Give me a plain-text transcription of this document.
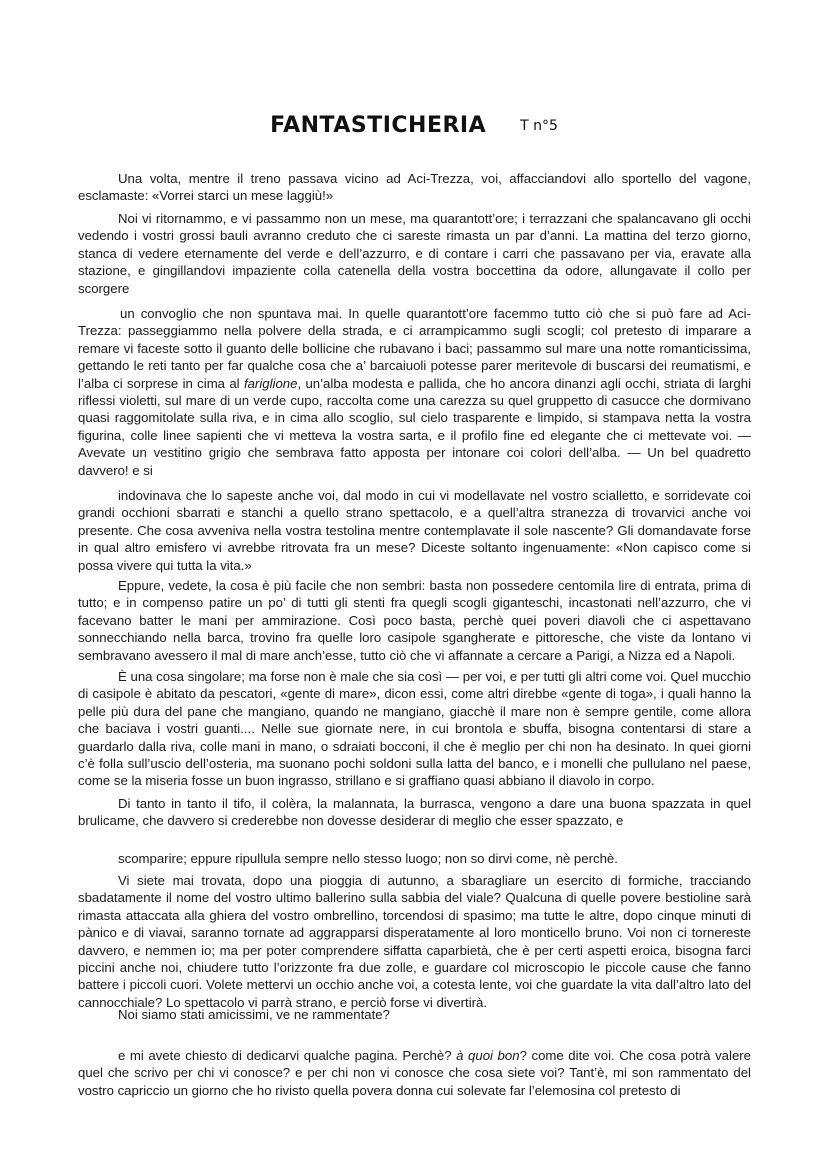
FANTASTICHERIA T n°5

Una volta, mentre il treno passava vicino ad Aci-Trezza, voi, affacciandovi allo sportello del vagone, esclamaste: «Vorrei starci un mese laggiù!»

Noi vi ritornammo, e vi passammo non un mese, ma quarantott’ore; i terrazzani che spalancavano gli occhi vedendo i vostri grossi bauli avranno creduto che ci sareste rimasta un par d’anni. La mattina del terzo giorno, stanca di vedere eternamente del verde e dell’azzurro, e di contare i carri che passavano per via, eravate alla stazione, e gingillandovi impaziente colla catenella della vostra boccettina da odore, allungavate il collo per scorgere

un convoglio che non spuntava mai. In quelle quarantott’ore facemmo tutto ciò che si può fare ad Aci-Trezza: passeggiammo nella polvere della strada, e ci arrampicammo sugli scogli; col pretesto di imparare a remare vi faceste sotto il guanto delle bollicine che rubavano i baci; passammo sul mare una notte romanticissima, gettando le reti tanto per far qualche cosa che a’ barcaiuoli potesse parer meritevole di buscarsi dei reumatismi, e l’alba ci sorprese in cima al fariglione, un’alba modesta e pallida, che ho ancora dinanzi agli occhi, striata di larghi riflessi violetti, sul mare di un verde cupo, raccolta come una carezza su quel gruppetto di casucce che dormivano quasi raggomitolate sulla riva, e in cima allo scoglio, sul cielo trasparente e limpido, si stampava netta la vostra figurina, colle linee sapienti che vi metteva la vostra sarta, e il profilo fine ed elegante che ci mettevate voi. — Avevate un vestitino grigio che sembrava fatto apposta per intonare coi colori dell’alba. — Un bel quadretto davvero! e si

indovinava che lo sapeste anche voi, dal modo in cui vi modellavate nel vostro scialletto, e sorridevate coi grandi occhioni sbarrati e stanchi a quello strano spettacolo, e a quell’altra stranezza di trovarvici anche voi presente. Che cosa avveniva nella vostra testolina mentre contemplavate il sole nascente? Gli domandavate forse in qual altro emisfero vi avrebbe ritrovata fra un mese? Diceste soltanto ingenuamente: «Non capisco come si possa vivere qui tutta la vita.»

Eppure, vedete, la cosa è più facile che non sembri: basta non possedere centomila lire di entrata, prima di tutto; e in compenso patire un po’ di tutti gli stenti fra quegli scogli giganteschi, incastonati nell’azzurro, che vi facevano batter le mani per ammirazione. Così poco basta, perchè quei poveri diavoli che ci aspettavano sonnecchiando nella barca, trovino fra quelle loro casipole sgangherate e pittoresche, che viste da lontano vi sembravano avessero il mal di mare anch’esse, tutto ciò che vi affannate a cercare a Parigi, a Nizza ed a Napoli.

È una cosa singolare; ma forse non è male che sia così — per voi, e per tutti gli altri come voi. Quel mucchio di casipole è abitato da pescatori, «gente di mare», dicon essi, come altri direbbe «gente di toga», i quali hanno la pelle più dura del pane che mangiano, quando ne mangiano, giacchè il mare non è sempre gentile, come allora che baciava i vostri guanti.... Nelle sue giornate nere, in cui brontola e sbuffa, bisogna contentarsi di stare a guardarlo dalla riva, colle mani in mano, o sdraiati bocconi, il che è meglio per chi non ha desinato. In quei giorni c’è folla sull’uscio dell’osteria, ma suonano pochi soldoni sulla latta del banco, e i monelli che pullulano nel paese, come se la miseria fosse un buon ingrasso, strillano e si graffiano quasi abbiano il diavolo in corpo.

Di tanto in tanto il tifo, il colèra, la malannata, la burrasca, vengono a dare una buona spazzata in quel brulicame, che davvero si crederebbe non dovesse desiderar di meglio che esser spazzato, e

scomparire; eppure ripullula sempre nello stesso luogo; non so dirvi come, nè perchè.

Vi siete mai trovata, dopo una pioggia di autunno, a sbaragliare un esercito di formiche, tracciando sbadatamente il nome del vostro ultimo ballerino sulla sabbia del viale? Qualcuna di quelle povere bestioline sarà rimasta attaccata alla ghiera del vostro ombrellino, torcendosi di spasimo; ma tutte le altre, dopo cinque minuti di pànico e di viavai, saranno tornate ad aggrapparsi disperatamente al loro monticello bruno. Voi non ci tornereste davvero, e nemmen io; ma per poter comprendere siffatta caparbietà, che è per certi aspetti eroica, bisogna farci piccini anche noi, chiudere tutto l’orizzonte fra due zolle, e guardare col microscopio le piccole cause che fanno battere i piccoli cuori. Volete mettervi un occhio anche voi, a cotesta lente, voi che guardate la vita dall’altro lato del cannocchiale? Lo spettacolo vi parrà strano, e perciò forse vi divertirà.

Noi siamo stati amicissimi, ve ne rammentate?

e mi avete chiesto di dedicarvi qualche pagina. Perchè? à quoi bon? come dite voi. Che cosa potrà valere quel che scrivo per chi vi conosce? e per chi non vi conosce che cosa siete voi? Tant’è, mi son rammentato del vostro capriccio un giorno che ho rivisto quella povera donna cui solevate far l’elemosina col pretesto di
